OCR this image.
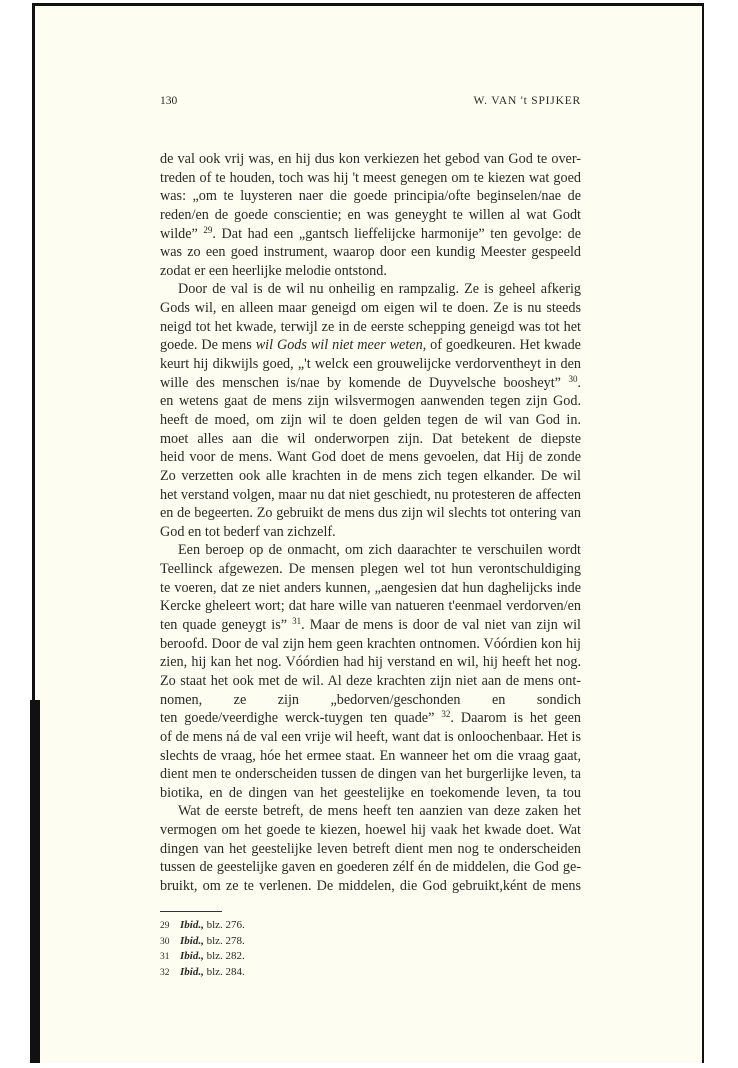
130	W. VAN 't SPIJKER
de val ook vrij was, en hij dus kon verkiezen het gebod van God te over-
treden of te houden, toch was hij 't meest genegen om te kiezen wat goed
was: „om te luysteren naer die goede principia/ofte beginselen/nae de
reden/en de goede conscientie; en was geneyght te willen al wat Godt
wilde” $^{29}$. Dat had een „gantsch lieffelijcke harmonije” ten gevolge: de
was zo een goed instrument, waarop door een kundig Meester gespeeld
zodat er een heerlijke melodie ontstond.
Door de val is de wil nu onheilig en rampzalig. Ze is geheel afkerig
Gods wil, en alleen maar geneigd om eigen wil te doen. Ze is nu steeds
neigd tot het kwade, terwijl ze in de eerste schepping geneigd was tot het
goede. De mens wil Gods wil niet meer weten, of goedkeuren. Het kwade
keurt hij dikwijls goed, „'t welck een grouwelijcke verdorventheyt in den
wille des menschen is/nae by komende de Duyvelsche boosheyt” $^{30}$.
en wetens gaat de mens zijn wilsvermogen aanwenden tegen zijn God.
heeft de moed, om zijn wil te doen gelden tegen de wil van God in.
moet alles aan die wil onderworpen zijn. Dat betekent de diepste
heid voor de mens. Want God doet de mens gevoelen, dat Hij de zonde
Zo verzetten ook alle krachten in de mens zich tegen elkander. De wil
het verstand volgen, maar nu dat niet geschiedt, nu protesteren de affecten
en de begeerten. Zo gebruikt de mens dus zijn wil slechts tot ontering van
God en tot bederf van zichzelf.
Een beroep op de onmacht, om zich daarachter te verschuilen wordt
Teellinck afgewezen. De mensen plegen wel tot hun verontschuldiging
te voeren, dat ze niet anders kunnen, „aengesien dat hun daghelijcks inde
Kercke gheleert wort; dat hare wille van natueren t'eenmael verdorven/en
ten quade geneygt is” $^{31}$. Maar de mens is door de val niet van zijn wil
beroofd. Door de val zijn hem geen krachten ontnomen. Vóórdien kon hij
zien, hij kan het nog. Vóórdien had hij verstand en wil, hij heeft het nog.
Zo staat het ook met de wil. Al deze krachten zijn niet aan de mens ont-
nomen, ze zijn „bedorven/geschonden en sondich
ten goede/veerdighe werck-tuygen ten quade” $^{32}$. Daarom is het geen
of de mens ná de val een vrije wil heeft, want dat is onloochenbaar. Het is
slechts de vraag, hóe het ermee staat. En wanneer het om die vraag gaat,
dient men te onderscheiden tussen de dingen van het burgerlijke leven, ta
biotika, en de dingen van het geestelijke en toekomende leven, ta tou
Wat de eerste betreft, de mens heeft ten aanzien van deze zaken het
vermogen om het goede te kiezen, hoewel hij vaak het kwade doet. Wat
dingen van het geestelijke leven betreft dient men nog te onderscheiden
tussen de geestelijke gaven en goederen zélf én de middelen, die God ge-
bruikt, om ze te verlenen. De middelen, die God gebruikt,ként de mens
29 Ibid., blz. 276.
30 Ibid., blz. 278.
31 Ibid., blz. 282.
32 Ibid., blz. 284.
